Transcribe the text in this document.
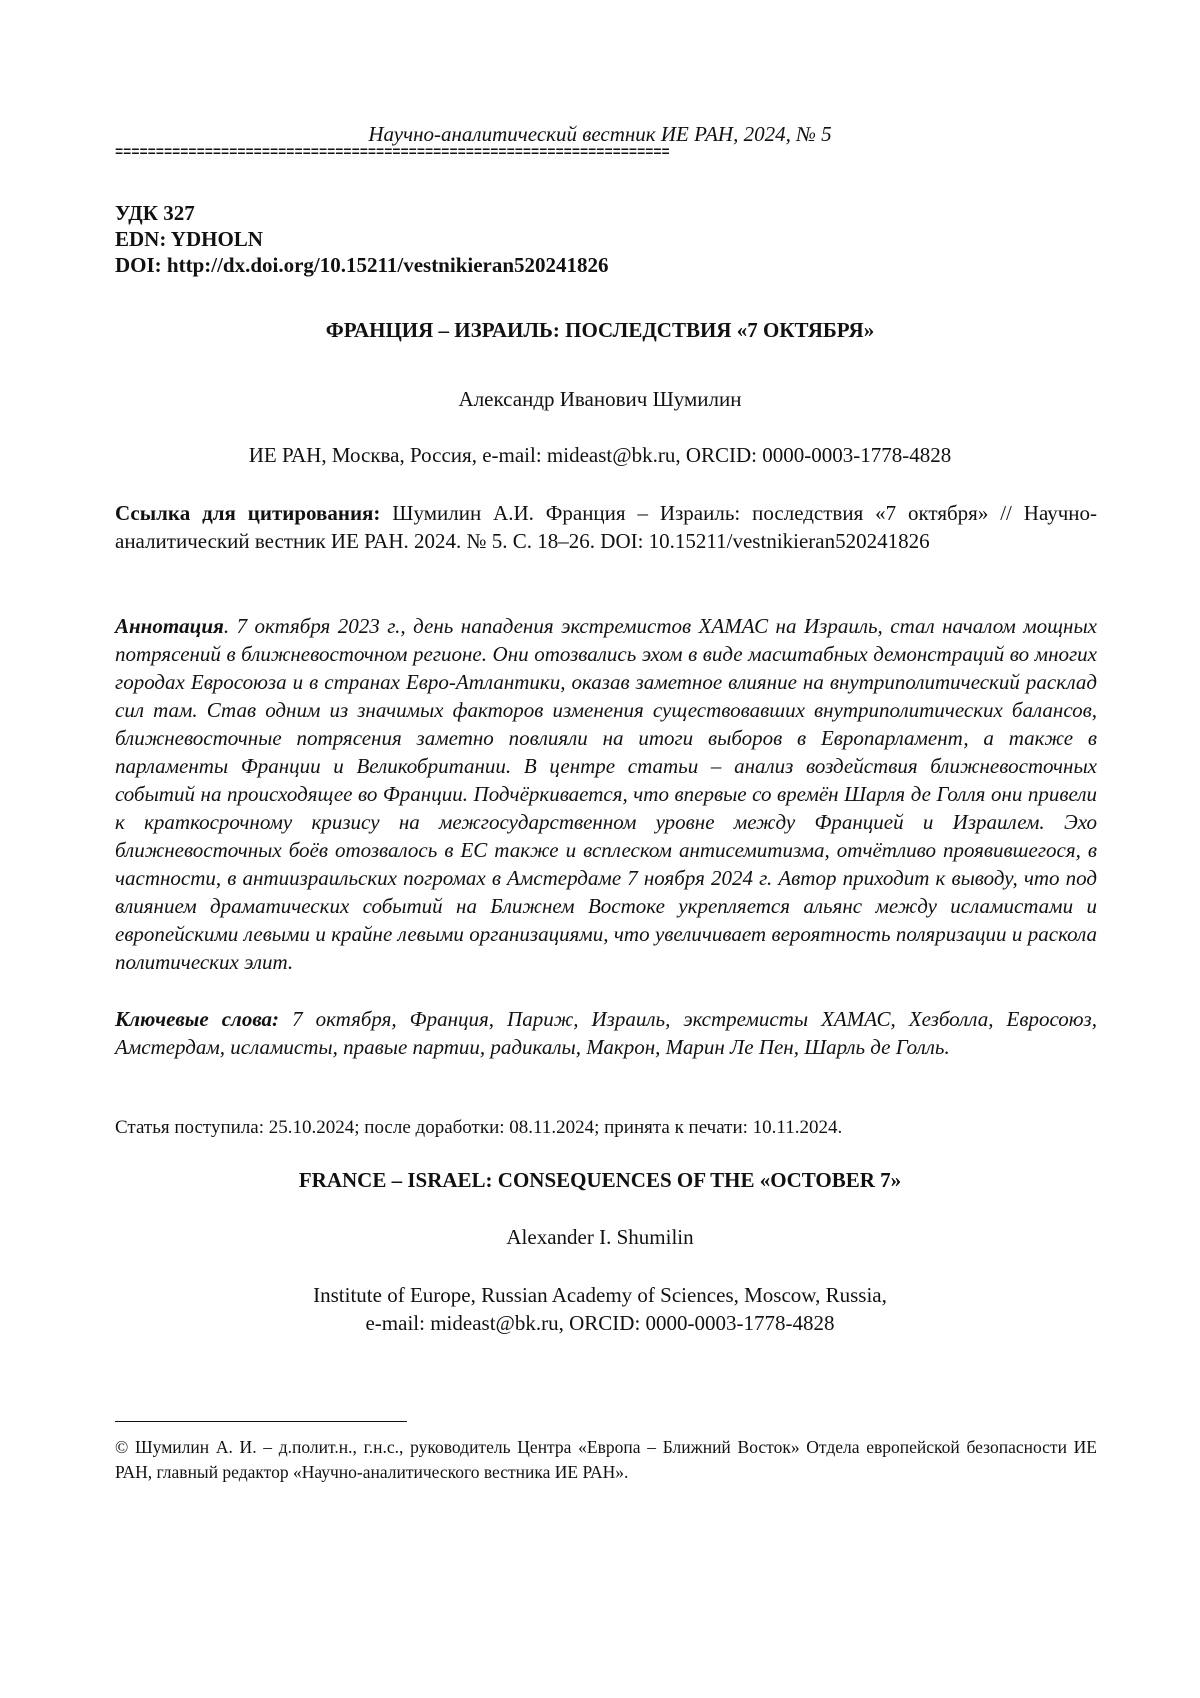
Научно-аналитический вестник ИЕ РАН, 2024, № 5
====================================================================
УДК 327
EDN: YDHOLN
DOI: http://dx.doi.org/10.15211/vestnikieran520241826
ФРАНЦИЯ – ИЗРАИЛЬ: ПОСЛЕДСТВИЯ «7 ОКТЯБРЯ»
Александр Иванович Шумилин
ИЕ РАН, Москва, Россия, e-mail: mideast@bk.ru, ORCID: 0000-0003-1778-4828
Ссылка для цитирования: Шумилин А.И. Франция – Израиль: последствия «7 октября» // Научно-аналитический вестник ИЕ РАН. 2024. № 5. С. 18–26. DOI: 10.15211/vestnikieran520241826
Аннотация. 7 октября 2023 г., день нападения экстремистов ХАМАС на Израиль, стал началом мощных потрясений в ближневосточном регионе. Они отозвались эхом в виде масштабных демонстраций во многих городах Евросоюза и в странах Евро-Атлантики, оказав заметное влияние на внутриполитический расклад сил там. Став одним из значимых факторов изменения существовавших внутриполитических балансов, ближневосточные потрясения заметно повлияли на итоги выборов в Европарламент, а также в парламенты Франции и Великобритании. В центре статьи – анализ воздействия ближневосточных событий на происходящее во Франции. Подчёркивается, что впервые со времён Шарля де Голля они привели к краткосрочному кризису на межгосударственном уровне между Францией и Израилем. Эхо ближневосточных боёв отозвалось в ЕС также и всплеском антисемитизма, отчётливо проявившегося, в частности, в антиизраильских погромах в Амстердаме 7 ноября 2024 г. Автор приходит к выводу, что под влиянием драматических событий на Ближнем Востоке укрепляется альянс между исламистами и европейскими левыми и крайне левыми организациями, что увеличивает вероятность поляризации и раскола политических элит.
Ключевые слова: 7 октября, Франция, Париж, Израиль, экстремисты ХАМАС, Хезболла, Евросоюз, Амстердам, исламисты, правые партии, радикалы, Макрон, Марин Ле Пен, Шарль де Голль.
Статья поступила: 25.10.2024; после доработки: 08.11.2024; принята к печати: 10.11.2024.
FRANCE – ISRAEL: CONSEQUENCES OF THE «OCTOBER 7»
Alexander I. Shumilin
Institute of Europe, Russian Academy of Sciences, Moscow, Russia,
e-mail: mideast@bk.ru, ORCID: 0000-0003-1778-4828
© Шумилин А. И. – д.полит.н., г.н.с., руководитель Центра «Европа – Ближний Восток» Отдела европейской безопасности ИЕ РАН, главный редактор «Научно-аналитического вестника ИЕ РАН».
